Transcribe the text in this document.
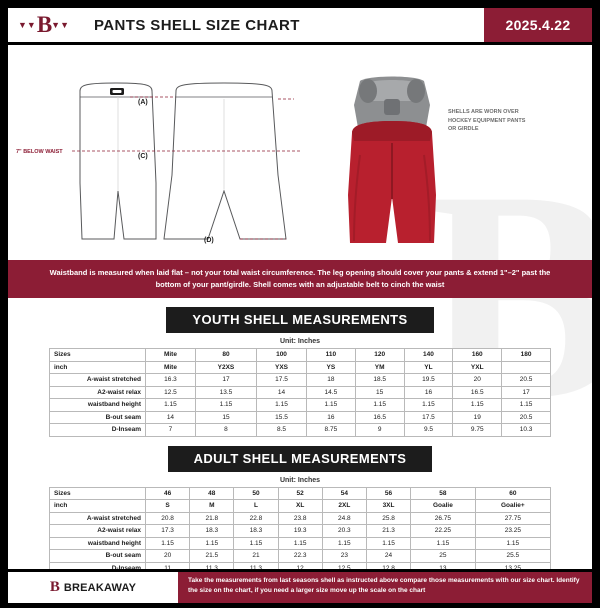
▼▼ B ▼▼ PANTS SHELL SIZE CHART	2025.4.22
7" BELOW WAIST
SHELLS ARE WORN OVER HOCKEY EQUIPMENT PANTS OR GIRDLE
(A)
(C)
(D)
Waistband is measured when laid flat – not your total waist circumference. The leg opening should cover your pants & extend 1"–2" past the bottom of your pant/girdle. Shell comes with an adjustable belt to cinch the waist
YOUTH SHELL MEASUREMENTS
Unit: Inches
Sizes	Mite	80	100	110	120	140	160	180
inch	Mite	Y2XS	YXS	YS	YM	YL	YXL	
A-waist stretched	16.3	17	17.5	18	18.5	19.5	20	20.5
A2-waist relax	12.5	13.5	14	14.5	15	16	16.5	17
waistband height	1.15	1.15	1.15	1.15	1.15	1.15	1.15	1.15
B-out seam	14	15	15.5	16	16.5	17.5	19	20.5
D-Inseam	7	8	8.5	8.75	9	9.5	9.75	10.3
ADULT SHELL MEASUREMENTS
Unit: Inches
Sizes	46	48	50	52	54	56	58	60
inch	S	M	L	XL	2XL	3XL	Goalie	Goalie+
A-waist stretched	20.8	21.8	22.8	23.8	24.8	25.8	26.75	27.75
A2-waist relax	17.3	18.3	18.3	19.3	20.3	21.3	22.25	23.25
waistband height	1.15	1.15	1.15	1.15	1.15	1.15	1.15	1.15
B-out seam	20	21.5	21	22.3	23	24	25	25.5
D-Inseam	11	11.3	11.3	12	12.5	12.8	13	13.25
B BREAKAWAY
Take the measurements from last seasons shell as instructed above compare those measurements with our size chart. Identify the size on the chart, if you need a larger size move up the scale on the chart
